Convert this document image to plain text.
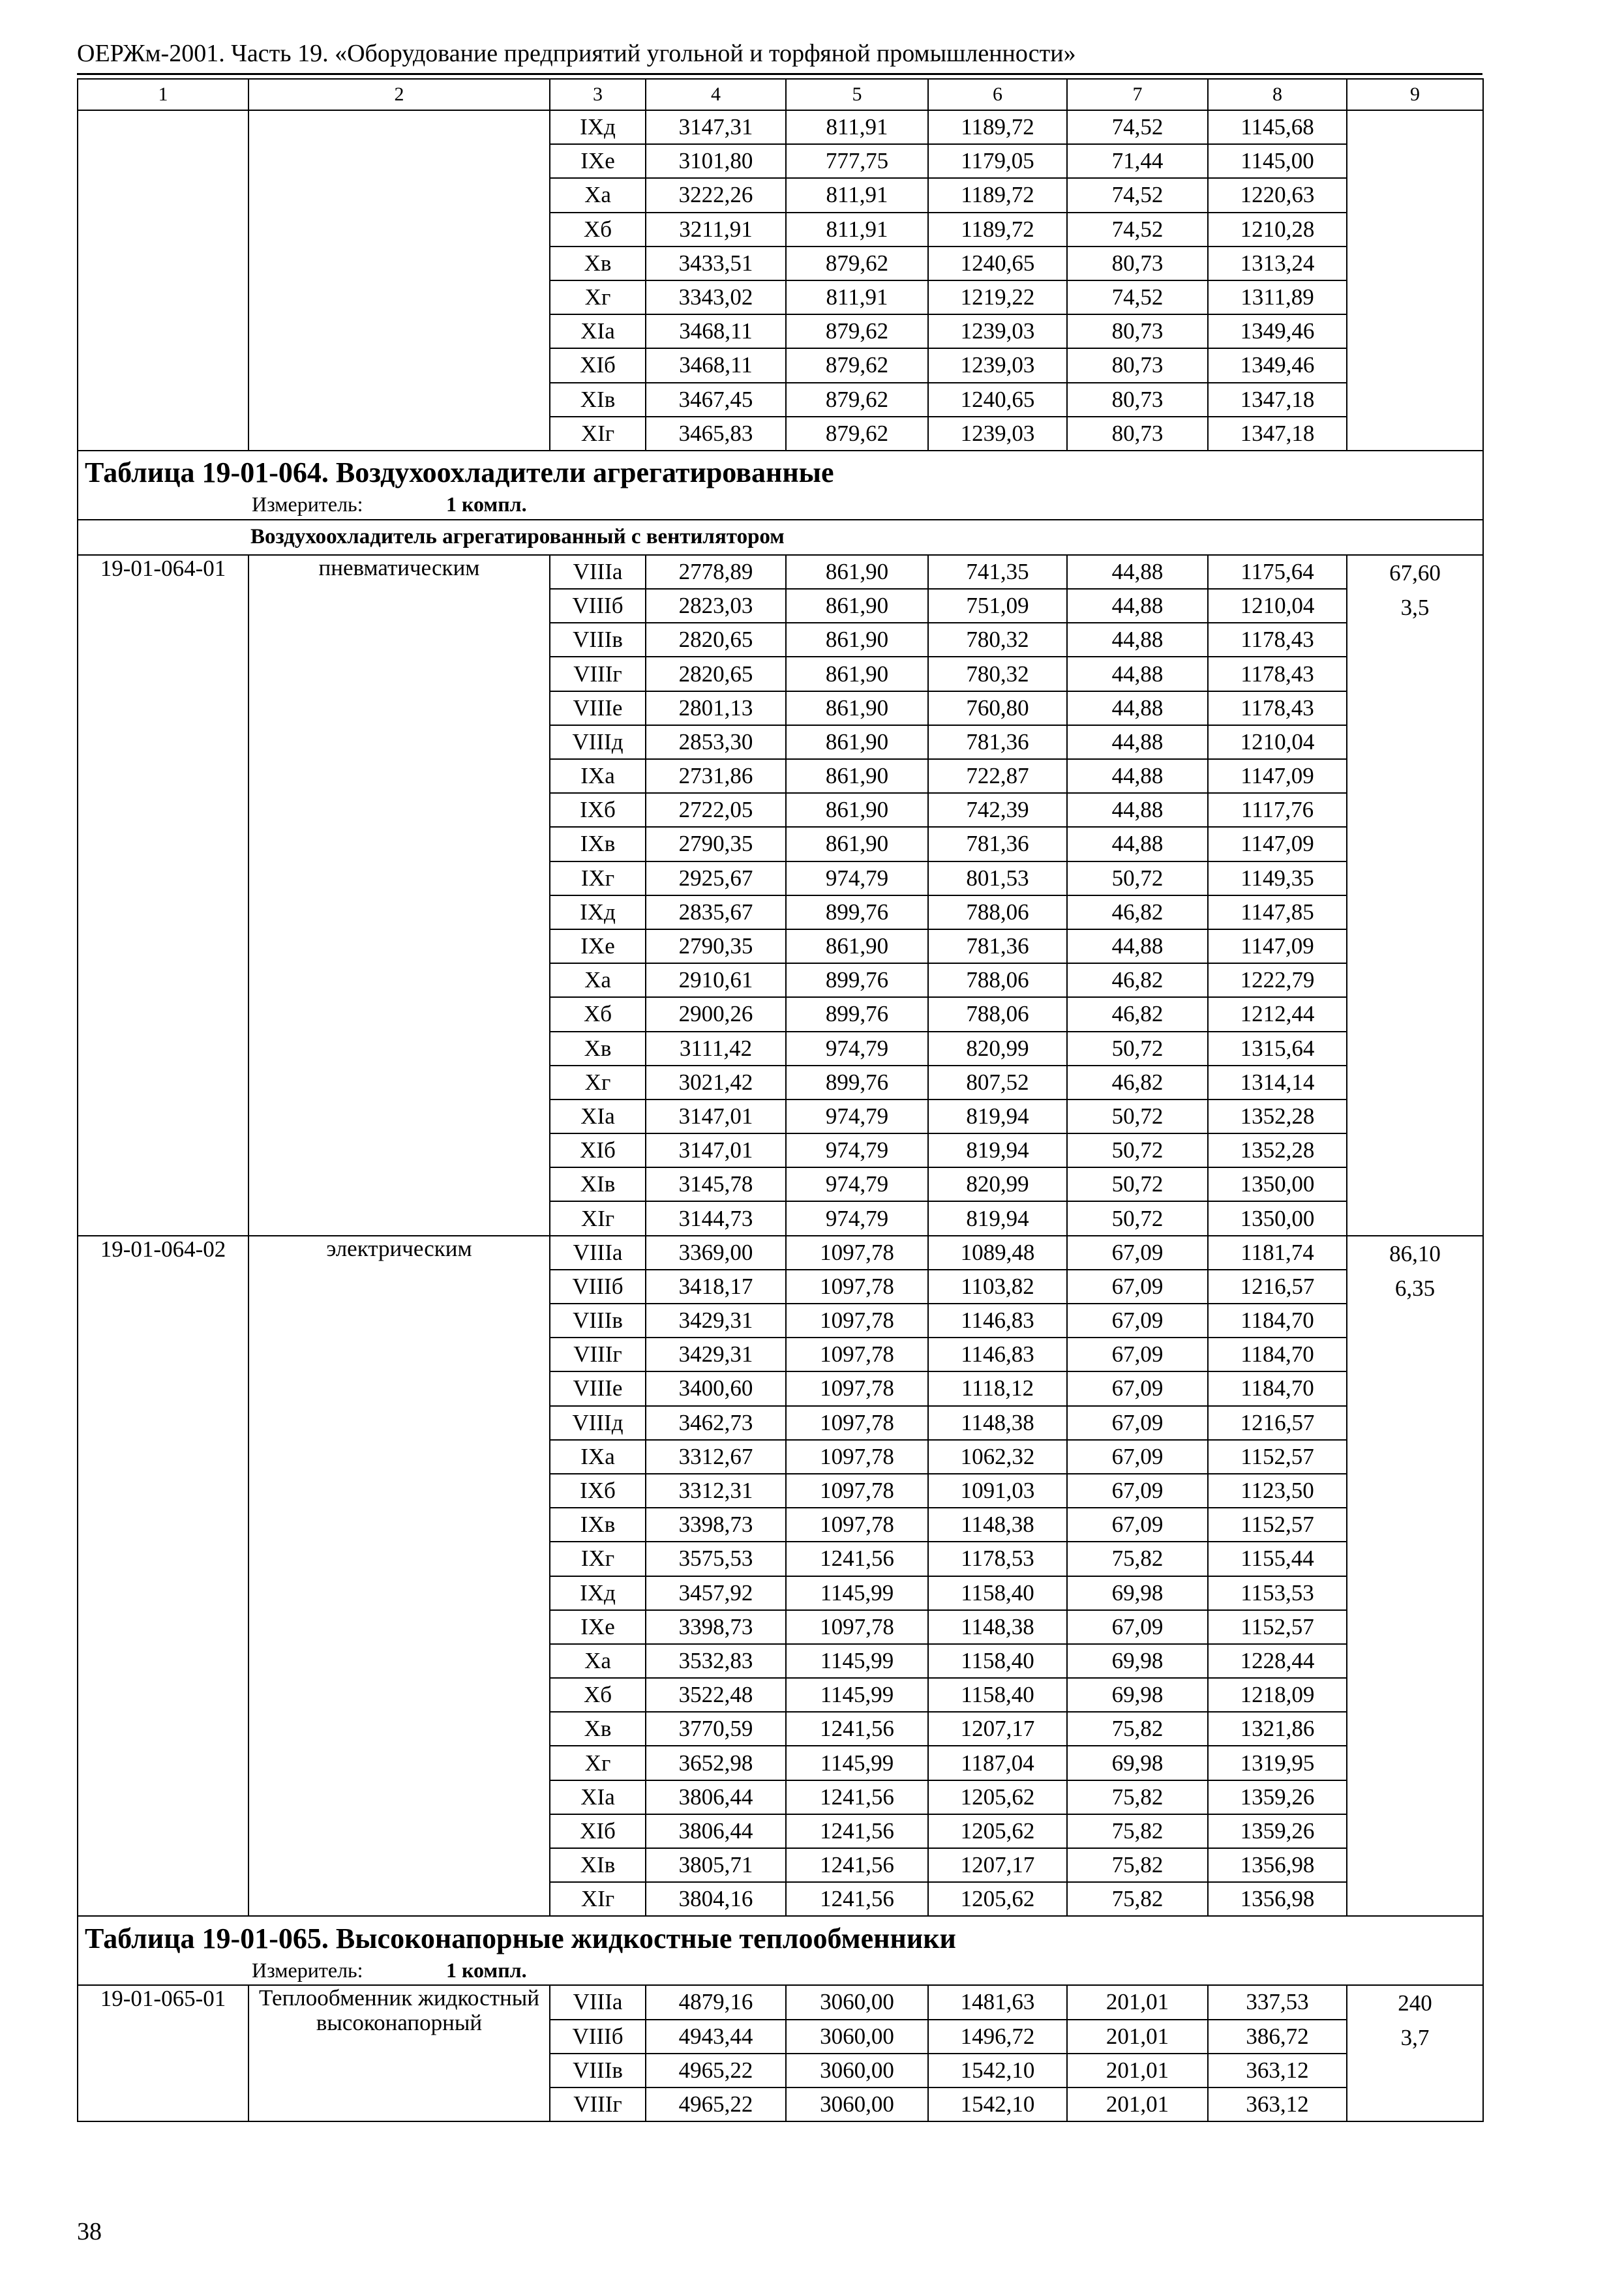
ОЕРЖм-2001. Часть 19. «Оборудование предприятий угольной и торфяной промышленности»
1	2	3	4	5	6	7	8	9
		IXд	3147,31	811,91	1189,72	74,52	1145,68	
		IXе	3101,80	777,75	1179,05	71,44	1145,00	
		Xа	3222,26	811,91	1189,72	74,52	1220,63	
		Xб	3211,91	811,91	1189,72	74,52	1210,28	
		Xв	3433,51	879,62	1240,65	80,73	1313,24	
		Xг	3343,02	811,91	1219,22	74,52	1311,89	
		XIа	3468,11	879,62	1239,03	80,73	1349,46	
		XIб	3468,11	879,62	1239,03	80,73	1349,46	
		XIв	3467,45	879,62	1240,65	80,73	1347,18	
		XIг	3465,83	879,62	1239,03	80,73	1347,18	
Таблица 19-01-064. Воздухоохладители агрегатированные								
Измеритель: 1 компл.								
Воздухоохладитель агрегатированный с вентилятором								
19-01-064-01	пневматическим	VIIIа	2778,89	861,90	741,35	44,88	1175,64	67,60
3,5

		VIIIб	2823,03	861,90	751,09	44,88	1210,04	
		VIIIв	2820,65	861,90	780,32	44,88	1178,43	
		VIIIг	2820,65	861,90	780,32	44,88	1178,43	
		VIIIе	2801,13	861,90	760,80	44,88	1178,43	
		VIIIд	2853,30	861,90	781,36	44,88	1210,04	
		IXа	2731,86	861,90	722,87	44,88	1147,09	
		IXб	2722,05	861,90	742,39	44,88	1117,76	
		IXв	2790,35	861,90	781,36	44,88	1147,09	
		IXг	2925,67	974,79	801,53	50,72	1149,35	
		IXд	2835,67	899,76	788,06	46,82	1147,85	
		IXе	2790,35	861,90	781,36	44,88	1147,09	
		Xа	2910,61	899,76	788,06	46,82	1222,79	
		Xб	2900,26	899,76	788,06	46,82	1212,44	
		Xв	3111,42	974,79	820,99	50,72	1315,64	
		Xг	3021,42	899,76	807,52	46,82	1314,14	
		XIа	3147,01	974,79	819,94	50,72	1352,28	
		XIб	3147,01	974,79	819,94	50,72	1352,28	
		XIв	3145,78	974,79	820,99	50,72	1350,00	
		XIг	3144,73	974,79	819,94	50,72	1350,00	
19-01-064-02	электрическим	VIIIа	3369,00	1097,78	1089,48	67,09	1181,74	86,10
6,35

		VIIIб	3418,17	1097,78	1103,82	67,09	1216,57	
		VIIIв	3429,31	1097,78	1146,83	67,09	1184,70	
		VIIIг	3429,31	1097,78	1146,83	67,09	1184,70	
		VIIIе	3400,60	1097,78	1118,12	67,09	1184,70	
		VIIIд	3462,73	1097,78	1148,38	67,09	1216,57	
		IXа	3312,67	1097,78	1062,32	67,09	1152,57	
		IXб	3312,31	1097,78	1091,03	67,09	1123,50	
		IXв	3398,73	1097,78	1148,38	67,09	1152,57	
		IXг	3575,53	1241,56	1178,53	75,82	1155,44	
		IXд	3457,92	1145,99	1158,40	69,98	1153,53	
		IXе	3398,73	1097,78	1148,38	67,09	1152,57	
		Xа	3532,83	1145,99	1158,40	69,98	1228,44	
		Xб	3522,48	1145,99	1158,40	69,98	1218,09	
		Xв	3770,59	1241,56	1207,17	75,82	1321,86	
		Xг	3652,98	1145,99	1187,04	69,98	1319,95	
		XIа	3806,44	1241,56	1205,62	75,82	1359,26	
		XIб	3806,44	1241,56	1205,62	75,82	1359,26	
		XIв	3805,71	1241,56	1207,17	75,82	1356,98	
		XIг	3804,16	1241,56	1205,62	75,82	1356,98	
Таблица 19-01-065. Высоконапорные жидкостные теплообменники								
Измеритель: 1 компл.								
19-01-065-01	Теплообменник жидкостный высоконапорный	VIIIа	4879,16	3060,00	1481,63	201,01	337,53	240
3,7

		VIIIб	4943,44	3060,00	1496,72	201,01	386,72	
		VIIIв	4965,22	3060,00	1542,10	201,01	363,12	
		VIIIг	4965,22	3060,00	1542,10	201,01	363,12	
38
